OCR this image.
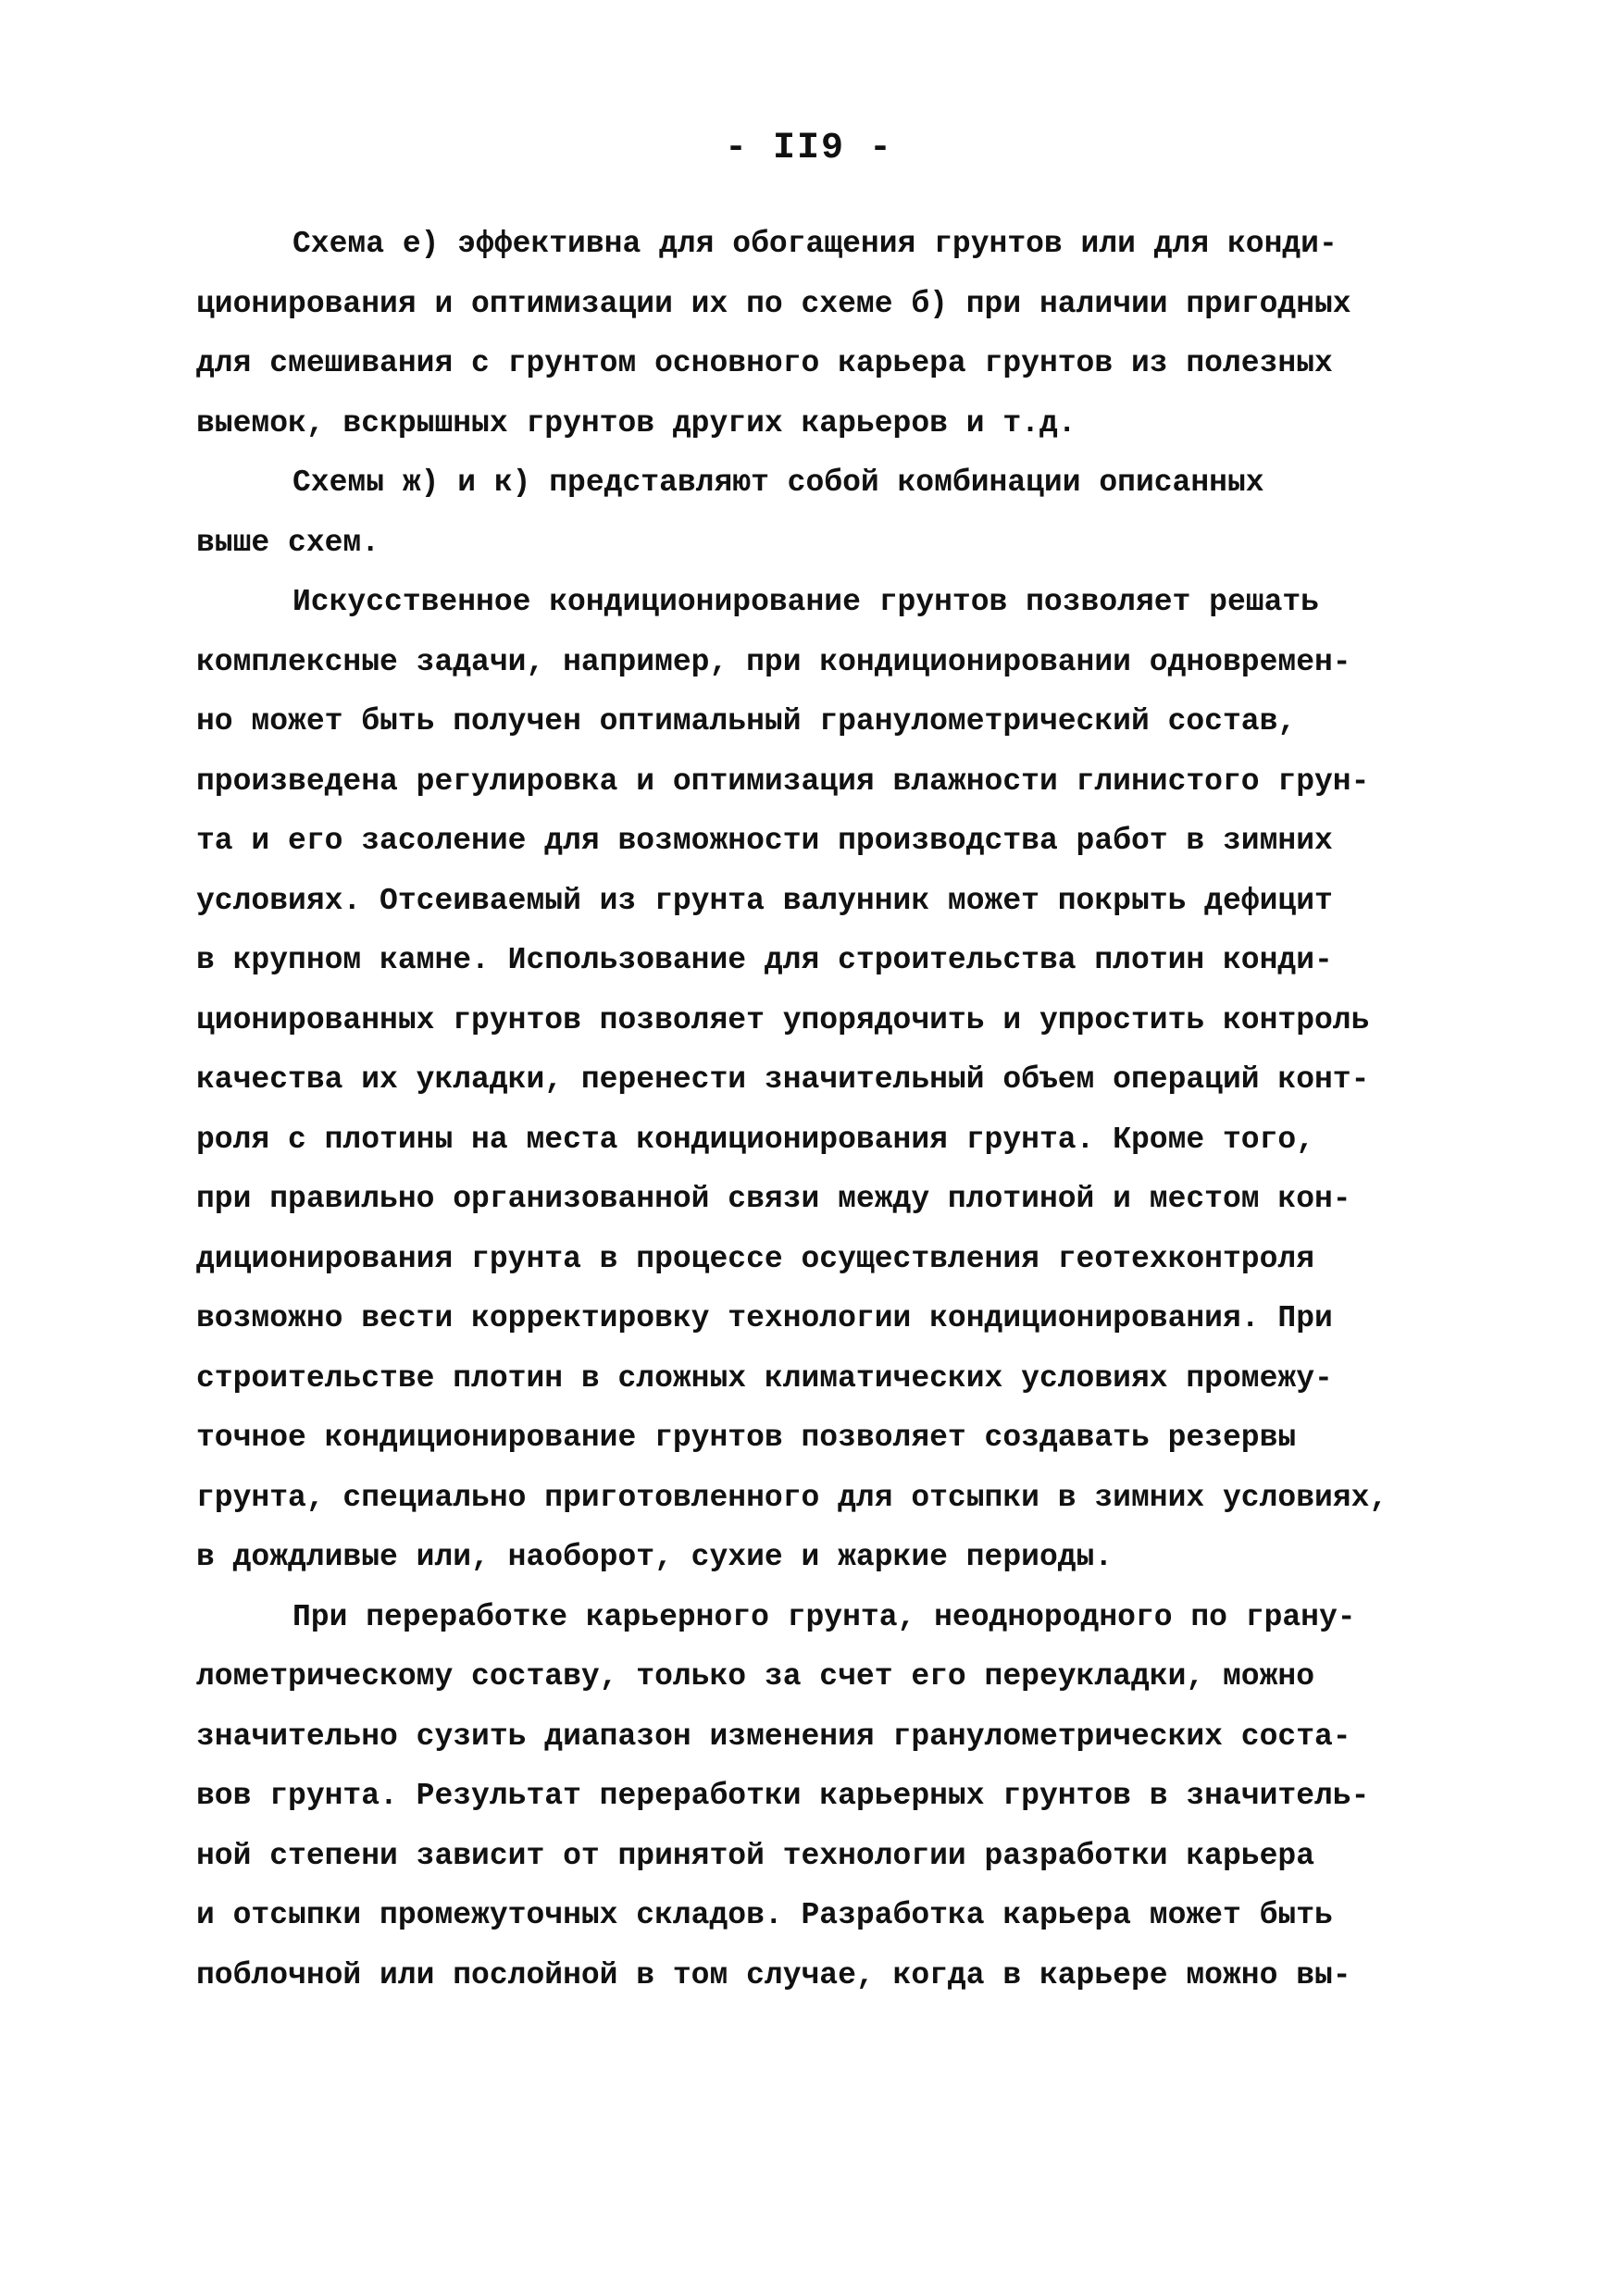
- II9 -
Схема е) эффективна для обогащения грунтов или для конди-
ционирования и оптимизации их по схеме б) при наличии пригодных
для смешивания с грунтом основного карьера грунтов из полезных
выемок, вскрышных грунтов других карьеров и т.д.
Схемы ж) и к) представляют собой комбинации описанных
выше схем.
Искусственное кондиционирование грунтов позволяет решать
комплексные задачи, например, при кондиционировании одновремен-
но может быть получен оптимальный гранулометрический состав,
произведена регулировка и оптимизация влажности глинистого грун-
та и его засоление для возможности производства работ в зимних
условиях. Отсеиваемый из грунта валунник может покрыть дефицит
в крупном камне. Использование для строительства плотин конди-
ционированных грунтов позволяет упорядочить и упростить контроль
качества их укладки, перенести значительный объем операций конт-
роля с плотины на места кондиционирования грунта. Кроме того,
при правильно организованной связи между плотиной и местом кон-
диционирования грунта в процессе осуществления геотехконтроля
возможно вести корректировку технологии кондиционирования. При
строительстве плотин в сложных климатических условиях промежу-
точное кондиционирование грунтов позволяет создавать резервы
грунта, специально приготовленного для отсыпки в зимних условиях,
в дождливые или, наоборот, сухие и жаркие периоды.
При переработке карьерного грунта, неоднородного по грану-
лометрическому составу, только за счет его переукладки, можно
значительно сузить диапазон изменения гранулометрических соста-
вов грунта. Результат переработки карьерных грунтов в значитель-
ной степени зависит от принятой технологии разработки карьера
и отсыпки промежуточных складов. Разработка карьера может быть
поблочной или послойной в том случае, когда в карьере можно вы-
